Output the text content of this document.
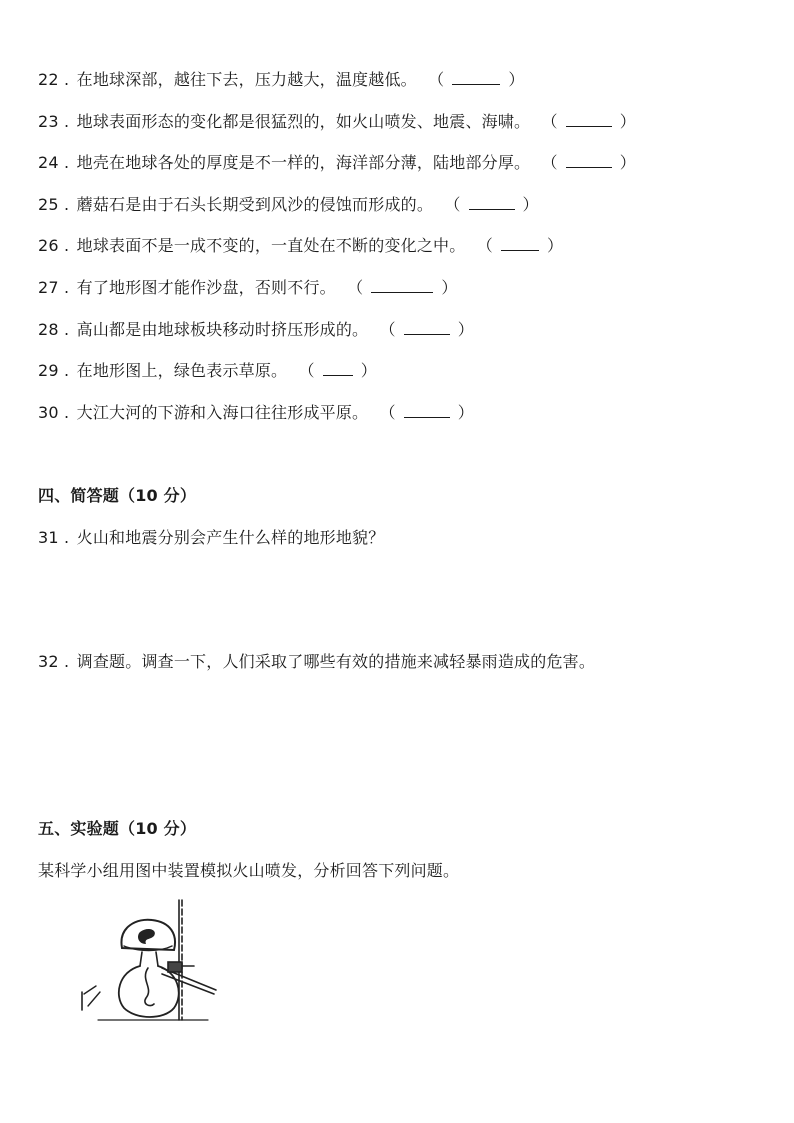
22 . 在地球深部，越往下去，压力越大，温度越低。 （	）
23 . 地球表面形态的变化都是很猛烈的，如火山喷发、地震、海啸。 （	）
24 . 地壳在地球各处的厚度是不一样的，海洋部分薄，陆地部分厚。 （	）
25 . 蘑菇石是由于石头长期受到风沙的侵蚀而形成的。 （	）
26 . 地球表面不是一成不变的，一直处在不断的变化之中。 （	）
27 . 有了地形图才能作沙盘，否则不行。 （	）
28 . 高山都是由地球板块移动时挤压形成的。 （	）
29 . 在地形图上，绿色表示草原。 （	）
30 . 大江大河的下游和入海口往往形成平原。 （	）
四、简答题（10 分）
31 . 火山和地震分别会产生什么样的地形地貌？
32 . 调查题。调查一下，人们采取了哪些有效的措施来减轻暴雨造成的危害。
五、实验题（10 分）
某科学小组用图中装置模拟火山喷发，分析回答下列问题。
